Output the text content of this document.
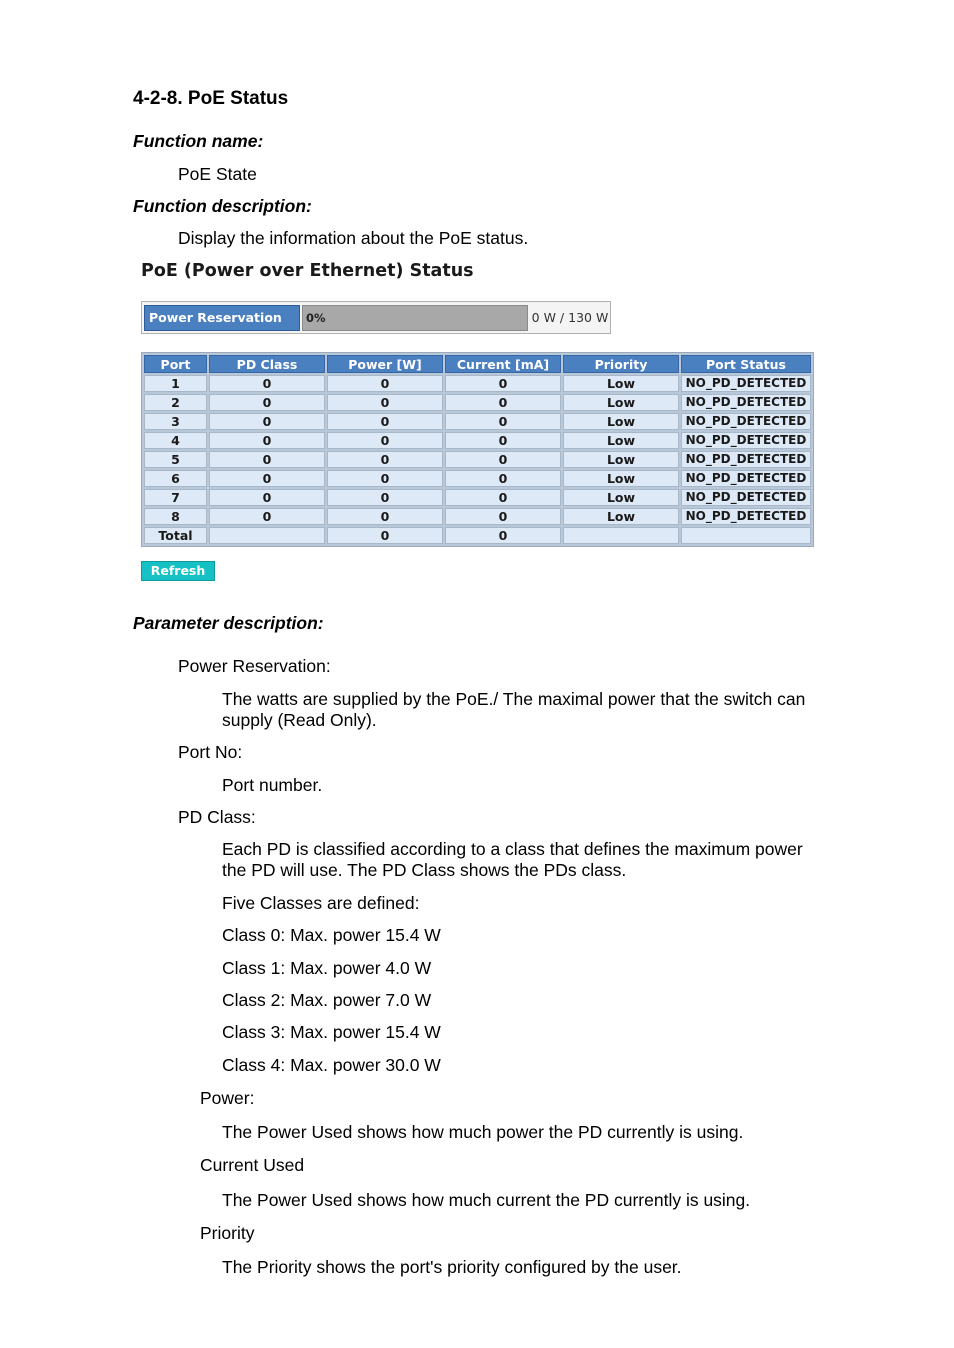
4-2-8. PoE Status
Function name:
PoE State
Function description:
Display the information about the PoE status.
PoE (Power over Ethernet) Status
Power Reservation	0%	0 W / 130 W
Port	PD Class	Power [W]	Current [mA]	Priority	Port Status
1	0	0	0	Low	NO_PD_DETECTED
2	0	0	0	Low	NO_PD_DETECTED
3	0	0	0	Low	NO_PD_DETECTED
4	0	0	0	Low	NO_PD_DETECTED
5	0	0	0	Low	NO_PD_DETECTED
6	0	0	0	Low	NO_PD_DETECTED
7	0	0	0	Low	NO_PD_DETECTED
8	0	0	0	Low	NO_PD_DETECTED
Total		0	0		
Refresh
Parameter description:
Power Reservation:
The watts are supplied by the PoE./ The maximal power that the switch can supply (Read Only).
Port No:
Port number.
PD Class:
Each PD is classified according to a class that defines the maximum power the PD will use. The PD Class shows the PDs class.
Five Classes are defined:
Class 0: Max. power 15.4 W
Class 1: Max. power 4.0 W
Class 2: Max. power 7.0 W
Class 3: Max. power 15.4 W
Class 4: Max. power 30.0 W
Power:
The Power Used shows how much power the PD currently is using.
Current Used
The Power Used shows how much current the PD currently is using.
Priority
The Priority shows the port's priority configured by the user.
